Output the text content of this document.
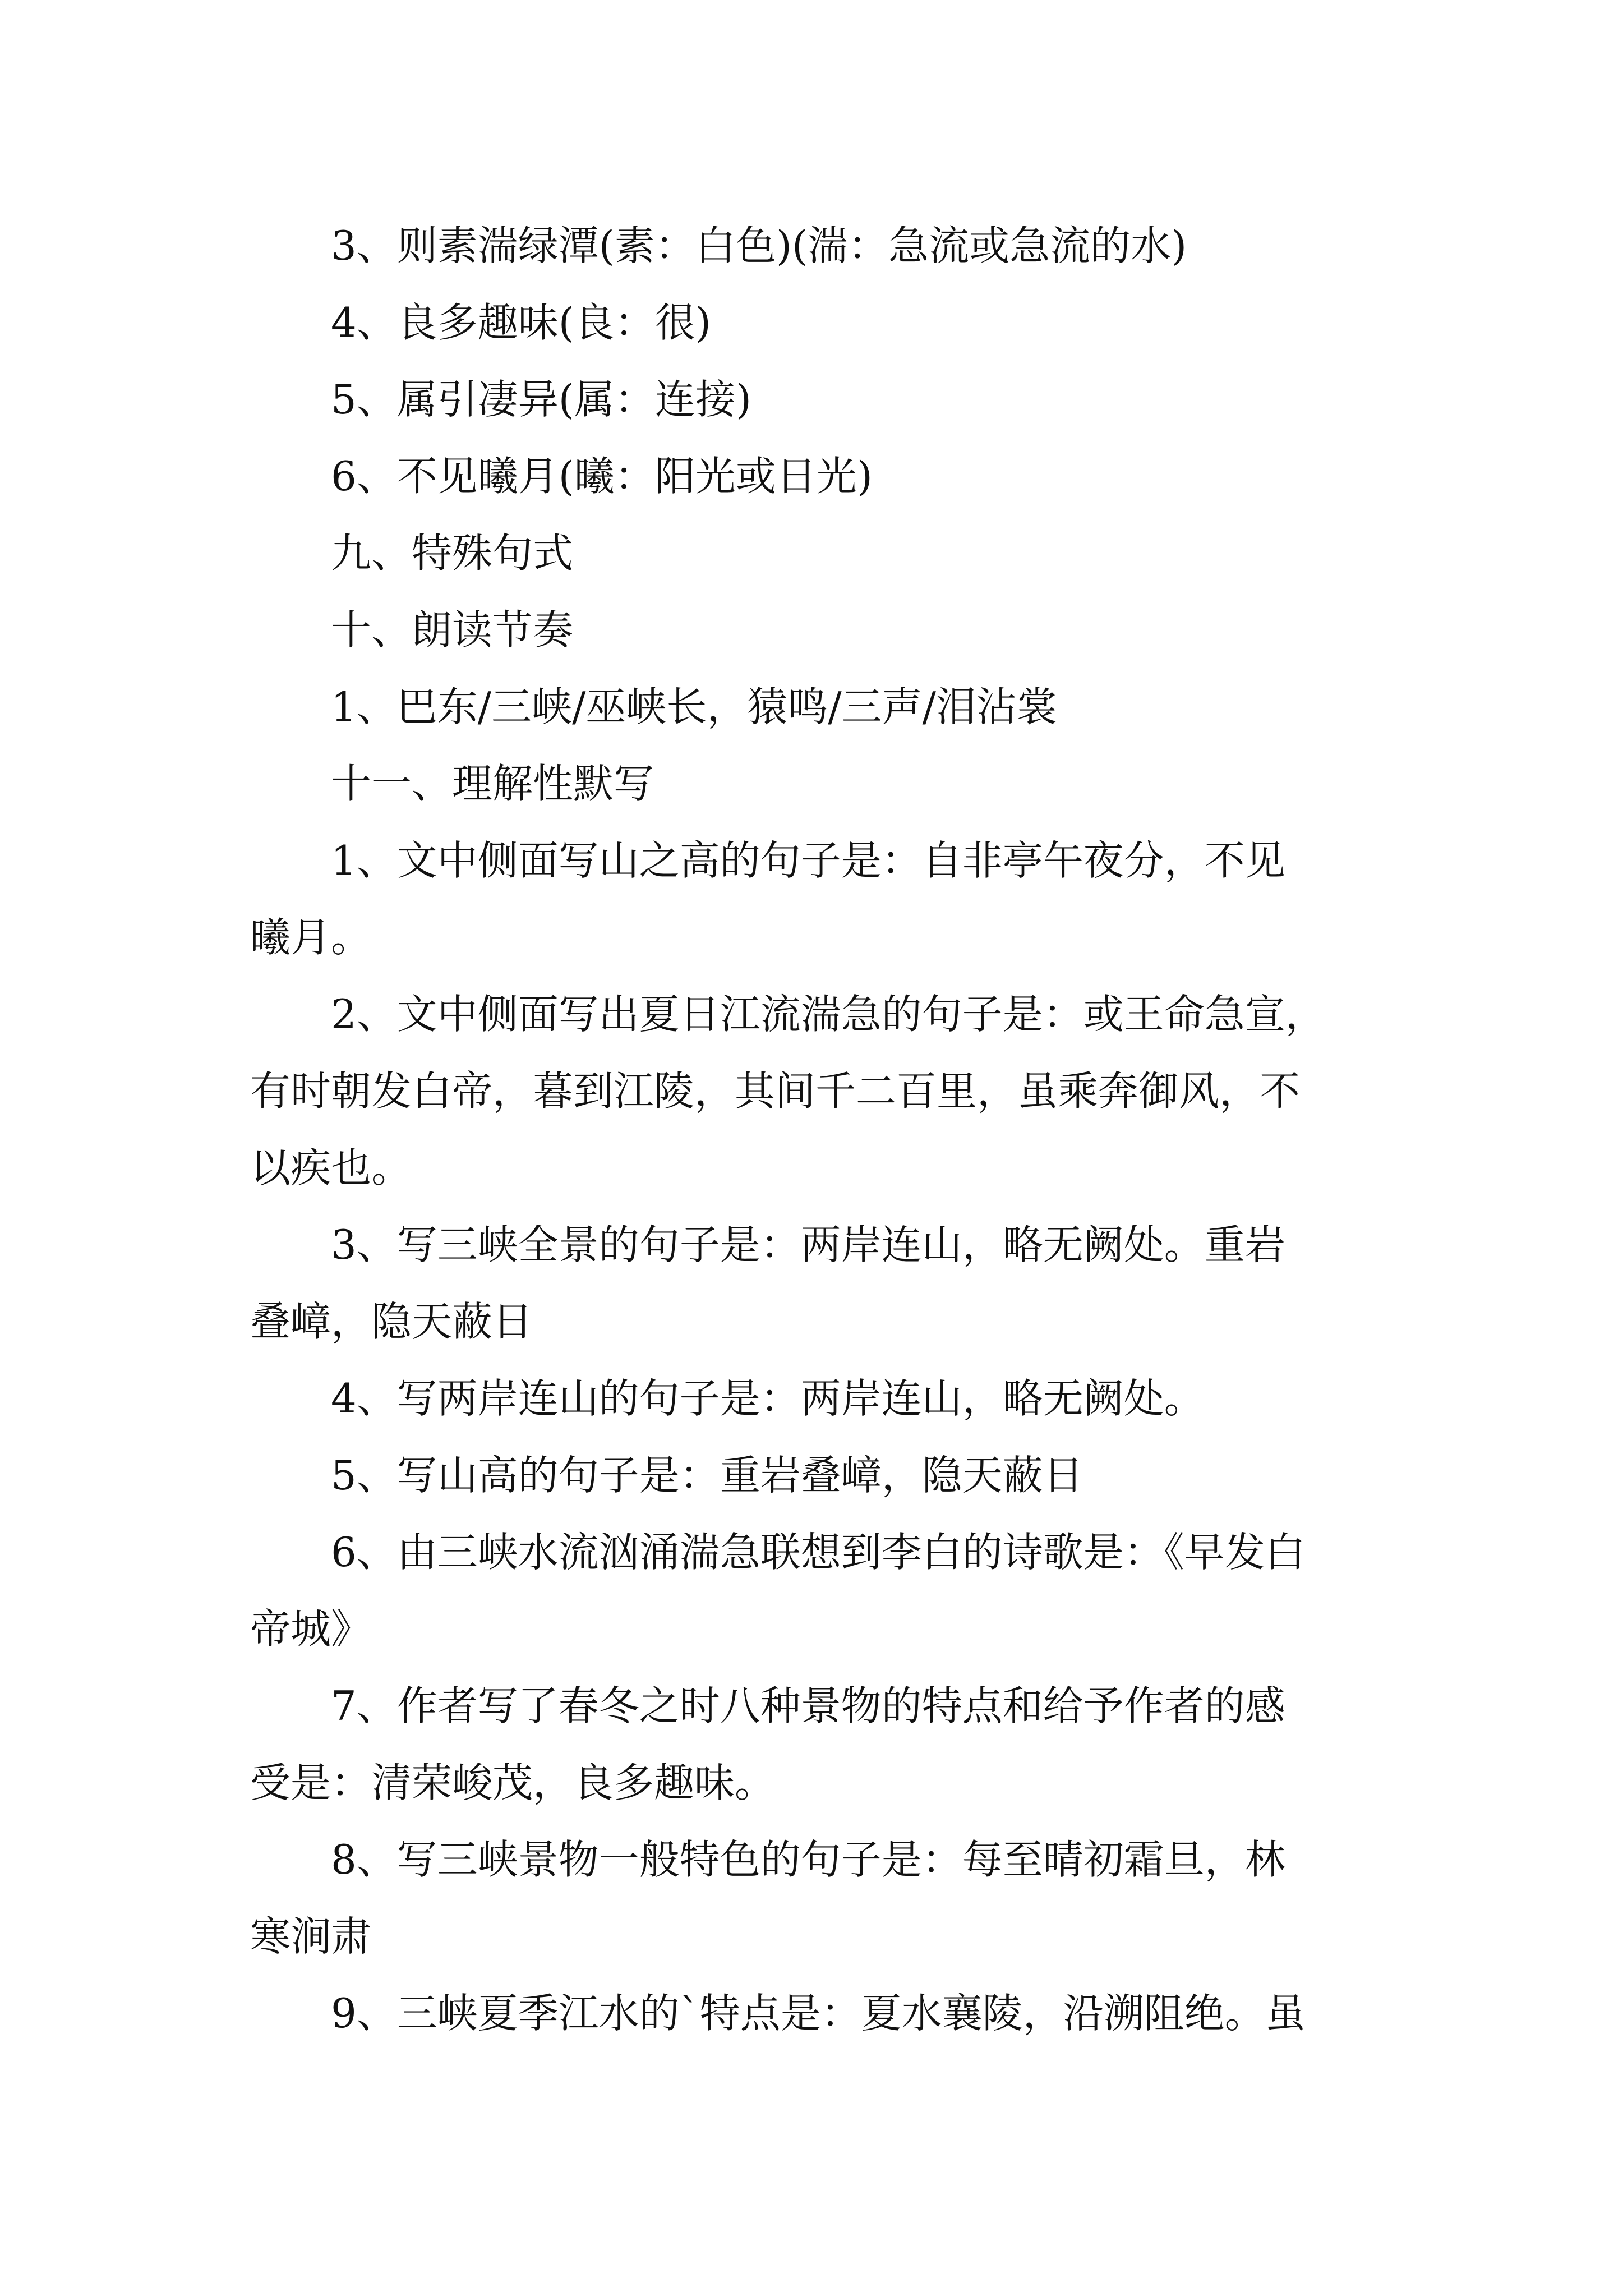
3、则素湍绿潭(素：白色)(湍：急流或急流的水)
4、良多趣味(良：很)
5、属引凄异(属：连接)
6、不见曦月(曦：阳光或日光)
九、特殊句式
十、朗读节奏
1、巴东/三峡/巫峡长，猿鸣/三声/泪沾裳
十一、理解性默写
1、文中侧面写山之高的句子是：自非亭午夜分，不见
曦月。
2、文中侧面写出夏日江流湍急的句子是：或王命急宣，
有时朝发白帝，暮到江陵，其间千二百里，虽乘奔御风，不
以疾也。
3、写三峡全景的句子是：两岸连山，略无阙处。重岩
叠嶂，隐天蔽日
4、写两岸连山的句子是：两岸连山，略无阙处。
5、写山高的句子是：重岩叠嶂，隐天蔽日
6、由三峡水流汹涌湍急联想到李白的诗歌是：《早发白
帝城》
7、作者写了春冬之时八种景物的特点和给予作者的感
受是：清荣峻茂，良多趣味。
8、写三峡景物一般特色的句子是：每至晴初霜旦，林
寒涧肃
9、三峡夏季江水的`特点是：夏水襄陵，沿溯阻绝。虽
